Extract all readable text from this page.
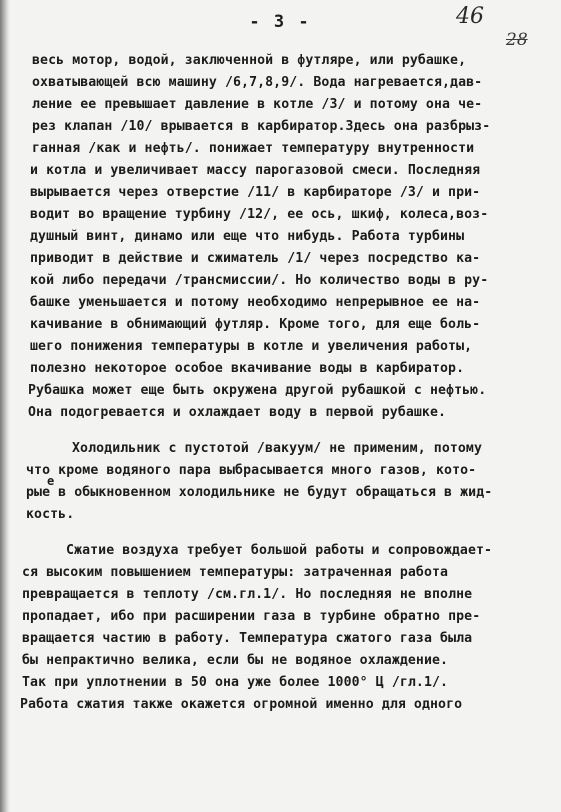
- 3 -	46
28
весь мотор, водой, заключенной в футляре, или рубашке,
охватывающей всю машину /6,7,8,9/. Вода нагревается,дав-
ление ее превышает давление в котле /3/ и потому она че-
рез клапан /10/ врывается в карбиратор.Здесь она разбрыз-
ганная /как и нефть/. понижает температуру внутренности
и котла и увеличивает массу парогазовой смеси. Последняя
вырывается через отверстие /11/ в карбираторе /3/ и при-
водит во вращение турбину /12/, ее ось, шкиф, колеса,воз-
душный винт, динамо или еще что нибудь. Работа турбины
приводит в действие и сжиматель /1/ через посредство ка-
кой либо передачи /трансмиссии/. Но количество воды в ру-
башке уменьшается и потому необходимо непрерывное ее на-
качивание в обнимающий футляр. Кроме того, для еще боль-
шего понижения температуры в котле и увеличения работы,
полезно некоторое особое вкачивание воды в карбиратор.
Рубашка может еще быть окружена другой рубашкой с нефтью.
Она подогревается и охлаждает воду в первой рубашке.
Холодильник с пустотой /вакуум/ не применим, потому
что кроме водяного пара выбрасывается много газов, кото-
рые в обыкновенном холодильнике не будут обращаться в жид-
е
кость.
Сжатие воздуха требует большой работы и сопровождает-
ся высоким повышением температуры: затраченная работа
превращается в теплоту /см.гл.1/. Но последняя не вполне
пропадает, ибо при расширении газа в турбине обратно пре-
вращается частию в работу. Температура сжатого газа была
бы непрактично велика, если бы не водяное охлаждение.
Так при уплотнении в 50 она уже более 1000° Ц /гл.1/.
Работа сжатия также окажется огромной именно для одного
